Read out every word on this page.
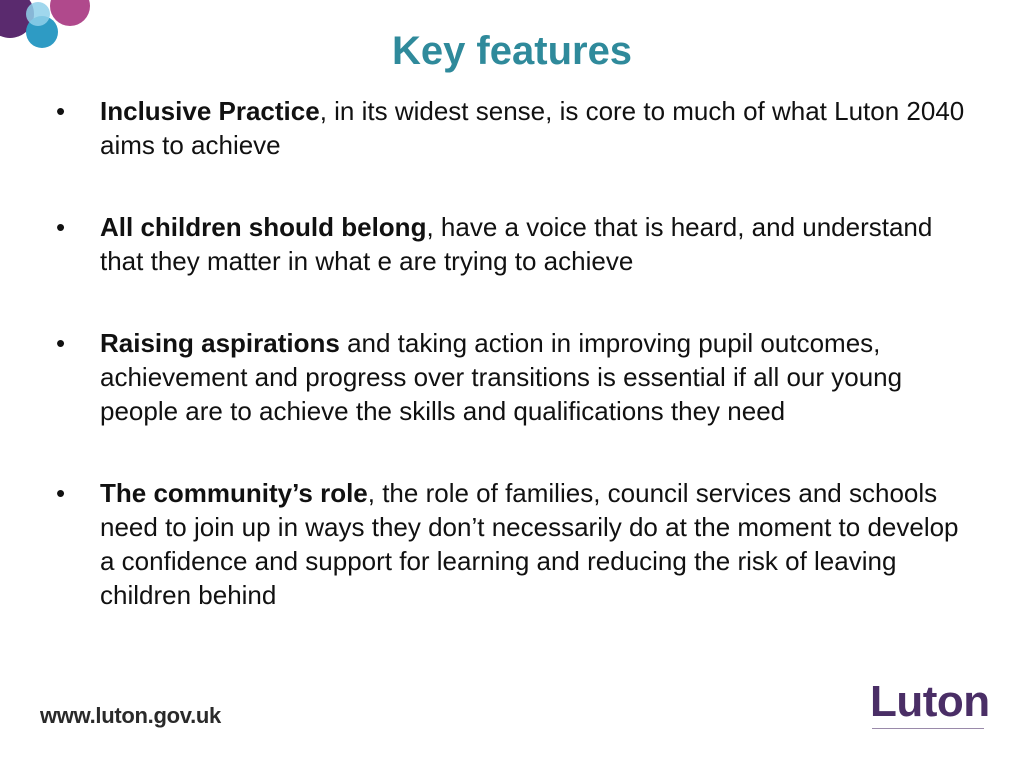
Key features
• Inclusive Practice, in its widest sense, is core to much of what Luton 2040 aims to achieve
• All children should belong, have a voice that is heard, and understand that they matter in what e are trying to achieve
• Raising aspirations and taking action in improving pupil outcomes, achievement and progress over transitions is essential if all our young people are to achieve the skills and qualifications they need
• The community’s role, the role of families, council services and schools need to join up in ways they don’t necessarily do at the moment to develop a confidence and support for learning and reducing the risk of leaving children behind
www.luton.gov.uk	Luton
